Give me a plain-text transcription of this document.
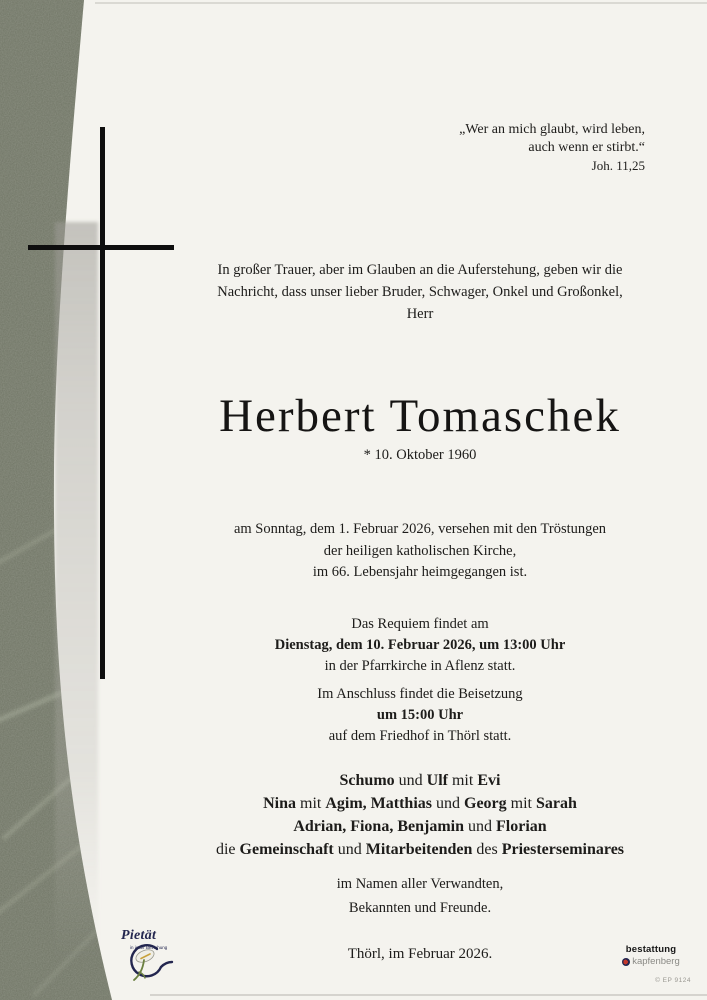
„Wer an mich glaubt, wird leben,
auch wenn er stirbt.“
Joh. 11,25
In großer Trauer, aber im Glauben an die Auferstehung, geben wir die
Nachricht, dass unser lieber Bruder, Schwager, Onkel und Großonkel,
Herr
Herbert Tomaschek
* 10. Oktober 1960
am Sonntag, dem 1. Februar 2026, versehen mit den Tröstungen
der heiligen katholischen Kirche,
im 66. Lebensjahr heimgegangen ist.
Das Requiem findet am
Dienstag, dem 10. Februar 2026, um 13:00 Uhr
in der Pfarrkirche in Aflenz statt.
Im Anschluss findet die Beisetzung
um 15:00 Uhr
auf dem Friedhof in Thörl statt.
Schumo und Ulf mit Evi
Nina mit Agim, Matthias und Georg mit Sarah
Adrian, Fiona, Benjamin und Florian
die Gemeinschaft und Mitarbeitenden des Priesterseminares
im Namen aller Verwandten,
Bekannten und Freunde.
Thörl, im Februar 2026.
Pietät
in jeder Beziehung	bestattung
kapfenberg
© EP 9124
